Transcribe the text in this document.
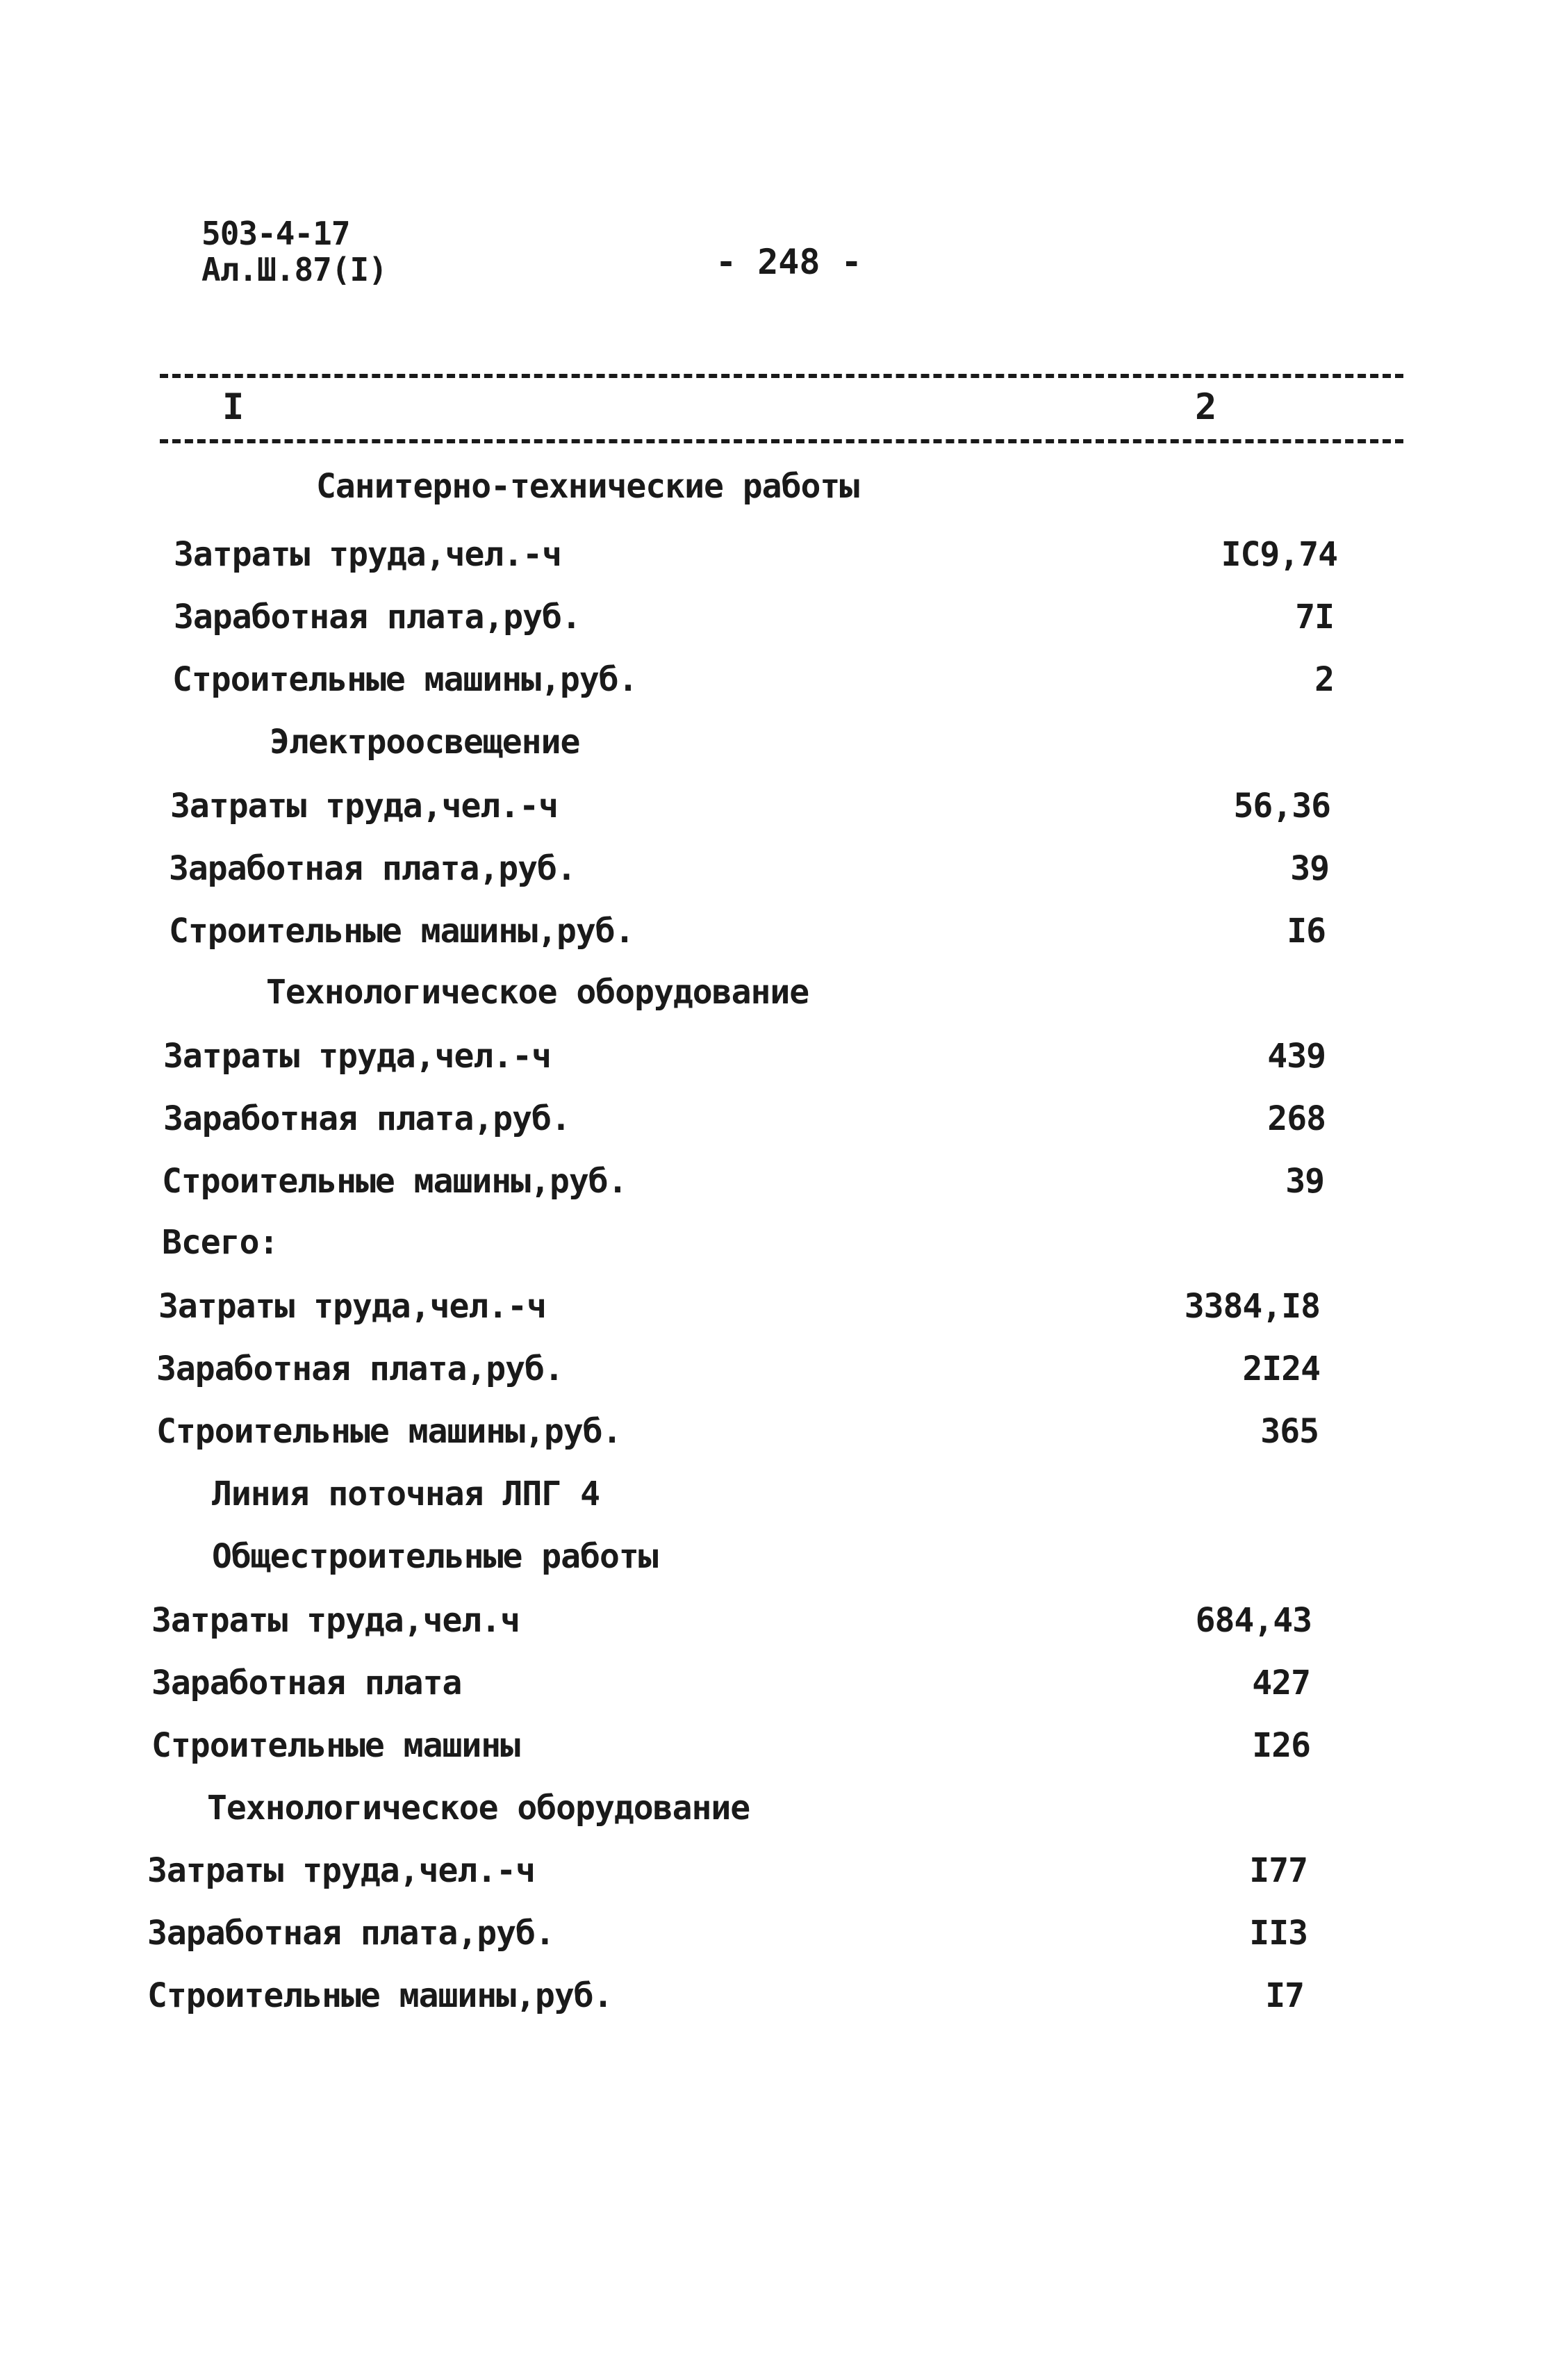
503-4-17
Ал.Ш.87(I)	- 248 -
I	2
Санитерно-технические работы
Затраты труда,чел.-ч	IC9,74
Заработная плата,руб.	7I
Строительные машины,руб.	2
Электроосвещение
Затраты труда,чел.-ч	56,36
Заработная плата,руб.	39
Строительные машины,руб.	I6
Технологическое оборудование
Затраты труда,чел.-ч	439
Заработная плата,руб.	268
Строительные машины,руб.	39
Всего:
Затраты труда,чел.-ч	3384,I8
Заработная плата,руб.	2I24
Строительные машины,руб.	365
Линия поточная ЛПГ 4
Общестроительные работы
Затраты труда,чел.ч	684,43
Заработная плата	427
Строительные машины	I26
Технологическое оборудование
Затраты труда,чел.-ч	I77
Заработная плата,руб.	II3
Строительные машины,руб.	I7
